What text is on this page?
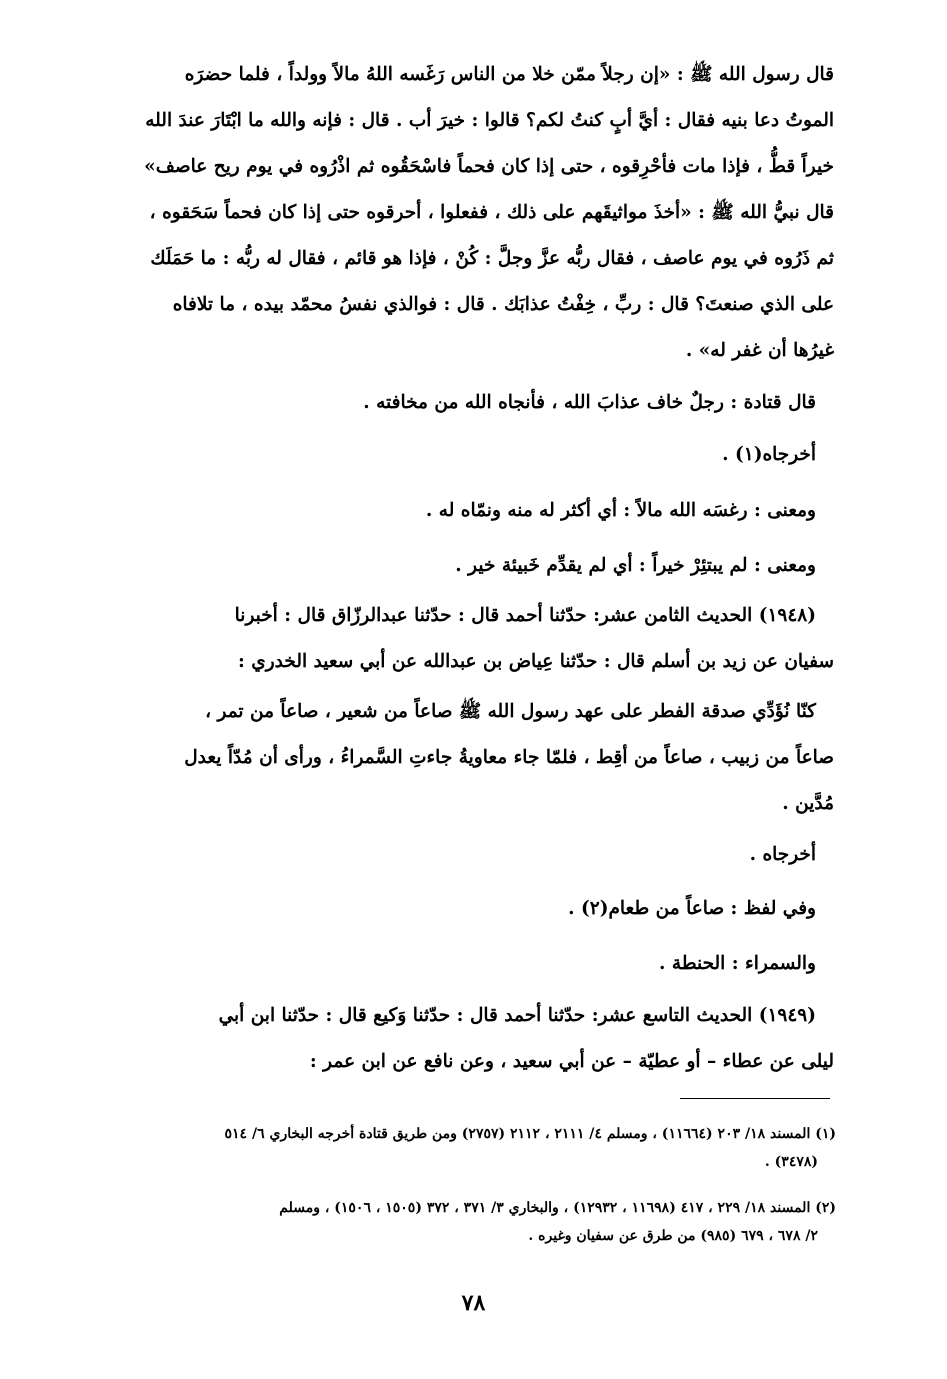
قال رسول الله ﷺ : «إن رجلاً ممّن خلا من الناس رَغَسه اللهُ مالاً وولداً ، فلما حضرَه
الموتُ دعا بنيه فقال : أيَّ أبٍ كنتُ لكم؟ قالوا : خيرَ أب . قال : فإنه والله ما ابْتَارَ عندَ الله
خيراً قطُّ ، فإذا مات فأحْرِقوه ، حتى إذا كان فحماً فاسْحَقُوه ثم اذْرُوه في يوم ريح عاصف»
قال نبيُّ الله ﷺ : «أخذَ مواثيقَهم على ذلك ، ففعلوا ، أحرقوه حتى إذا كان فحماً سَحَقوه ،
ثم ذَرُوه في يوم عاصف ، فقال ربُّه عزَّ وجلَّ : كُنْ ، فإذا هو قائم ، فقال له ربُّه : ما حَمَلَك
على الذي صنعتَ؟ قال : ربِّ ، خِفْتُ عذابَك . قال : فوالذي نفسُ محمّد بيده ، ما تلافاه
غيرُها أن غفر له» .
قال قتادة : رجلٌ خاف عذابَ الله ، فأنجاه الله من مخافته .
أخرجاه(١) .
ومعنى : رغسَه الله مالاً : أي أكثر له منه ونمّاه له .
ومعنى : لم يبتئِرْ خيراً : أي لم يقدِّم خَبيئة خير .
(١٩٤٨) الحديث الثامن عشر: حدّثنا أحمد قال : حدّثنا عبدالرزّاق قال : أخبرنا
سفيان عن زيد بن أسلم قال : حدّثنا عِياض بن عبدالله عن أبي سعيد الخدري :
كنّا نُؤَدِّي صدقة الفطر على عهد رسول الله ﷺ صاعاً من شعير ، صاعاً من تمر ،
صاعاً من زبيب ، صاعاً من أقِط ، فلمّا جاء معاويةُ جاءتِ السَّمراءُ ، ورأى أن مُدّاً يعدل
مُدَّين .
أخرجاه .
وفي لفظ : صاعاً من طعام(٢) .
والسمراء : الحنطة .
(١٩٤٩) الحديث التاسع عشر: حدّثنا أحمد قال : حدّثنا وَكيع قال : حدّثنا ابن أبي
ليلى عن عطاء – أو عطيّة – عن أبي سعيد ، وعن نافع عن ابن عمر :
(١) المسند ١٨/ ٢٠٣ (١١٦٦٤) ، ومسلم ٤/ ٢١١١ ، ٢١١٢ (٢٧٥٧) ومن طريق قتادة أخرجه البخاري ٦/ ٥١٤
(٣٤٧٨) .
(٢) المسند ١٨/ ٢٢٩ ، ٤١٧ (١١٦٩٨ ، ١٢٩٣٢) ، والبخاري ٣/ ٣٧١ ، ٣٧٢ (١٥٠٥ ، ١٥٠٦) ، ومسلم
٢/ ٦٧٨ ، ٦٧٩ (٩٨٥) من طرق عن سفيان وغيره .
٧٨
